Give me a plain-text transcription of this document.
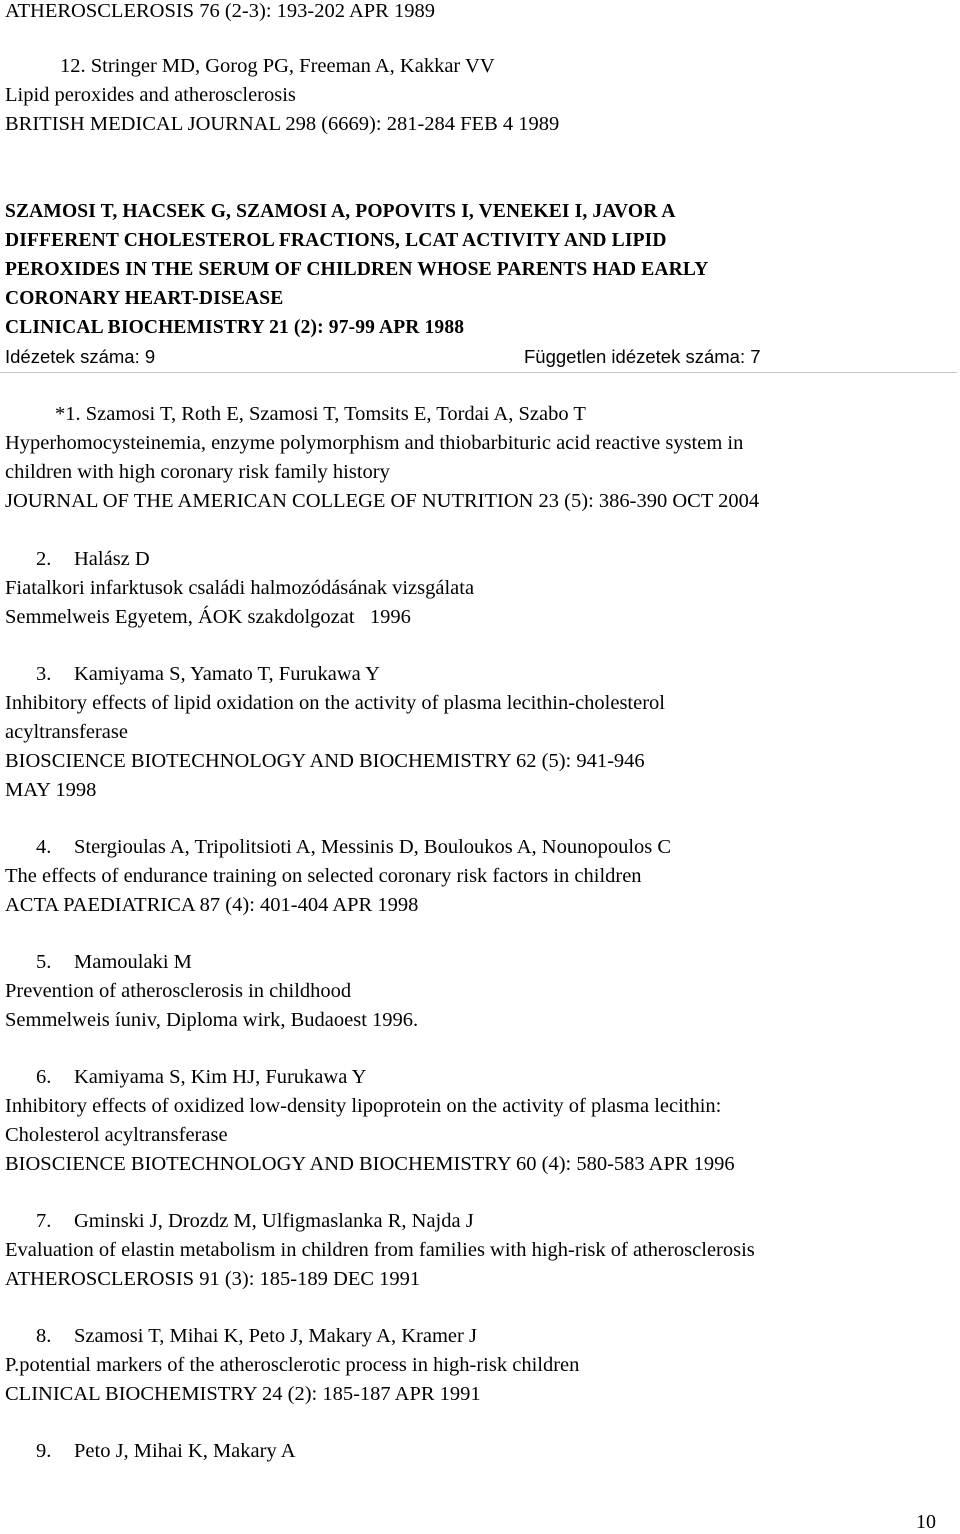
ATHEROSCLEROSIS 76 (2-3): 193-202 APR 1989
12. Stringer MD, Gorog PG, Freeman A, Kakkar VV
Lipid peroxides and atherosclerosis
BRITISH MEDICAL JOURNAL 298 (6669): 281-284 FEB 4 1989
SZAMOSI T, HACSEK G, SZAMOSI A, POPOVITS I, VENEKEI I, JAVOR A
DIFFERENT CHOLESTEROL FRACTIONS, LCAT ACTIVITY AND LIPID
PEROXIDES IN THE SERUM OF CHILDREN WHOSE PARENTS HAD EARLY
CORONARY HEART-DISEASE
CLINICAL BIOCHEMISTRY 21 (2): 97-99 APR 1988
Idézetek száma: 9	Független idézetek száma: 7
*1. Szamosi T, Roth E, Szamosi T, Tomsits E, Tordai A, Szabo T
Hyperhomocysteinemia, enzyme polymorphism and thiobarbituric acid reactive system in
children with high coronary risk family history
JOURNAL OF THE AMERICAN COLLEGE OF NUTRITION 23 (5): 386-390 OCT 2004
2. Halász D
Fiatalkori infarktusok családi halmozódásának vizsgálata
Semmelweis Egyetem, ÁOK szakdolgozat   1996
3. Kamiyama S, Yamato T, Furukawa Y
Inhibitory effects of lipid oxidation on the activity of plasma lecithin-cholesterol
acyltransferase
BIOSCIENCE BIOTECHNOLOGY AND BIOCHEMISTRY 62 (5): 941-946
MAY 1998
4. Stergioulas A, Tripolitsioti A, Messinis D, Bouloukos A, Nounopoulos C
The effects of endurance training on selected coronary risk factors in children
ACTA PAEDIATRICA 87 (4): 401-404 APR 1998
5. Mamoulaki M
Prevention of atherosclerosis in childhood
Semmelweis íuniv, Diploma wirk, Budaoest 1996.
6. Kamiyama S, Kim HJ, Furukawa Y
Inhibitory effects of oxidized low-density lipoprotein on the activity of plasma lecithin:
Cholesterol acyltransferase
BIOSCIENCE BIOTECHNOLOGY AND BIOCHEMISTRY 60 (4): 580-583 APR 1996
7. Gminski J, Drozdz M, Ulfigmaslanka R, Najda J
Evaluation of elastin metabolism in children from families with high-risk of atherosclerosis
ATHEROSCLEROSIS 91 (3): 185-189 DEC 1991
8. Szamosi T, Mihai K, Peto J, Makary A, Kramer J
P.potential markers of the atherosclerotic process in high-risk children
CLINICAL BIOCHEMISTRY 24 (2): 185-187 APR 1991
9. Peto J, Mihai K, Makary A
10
